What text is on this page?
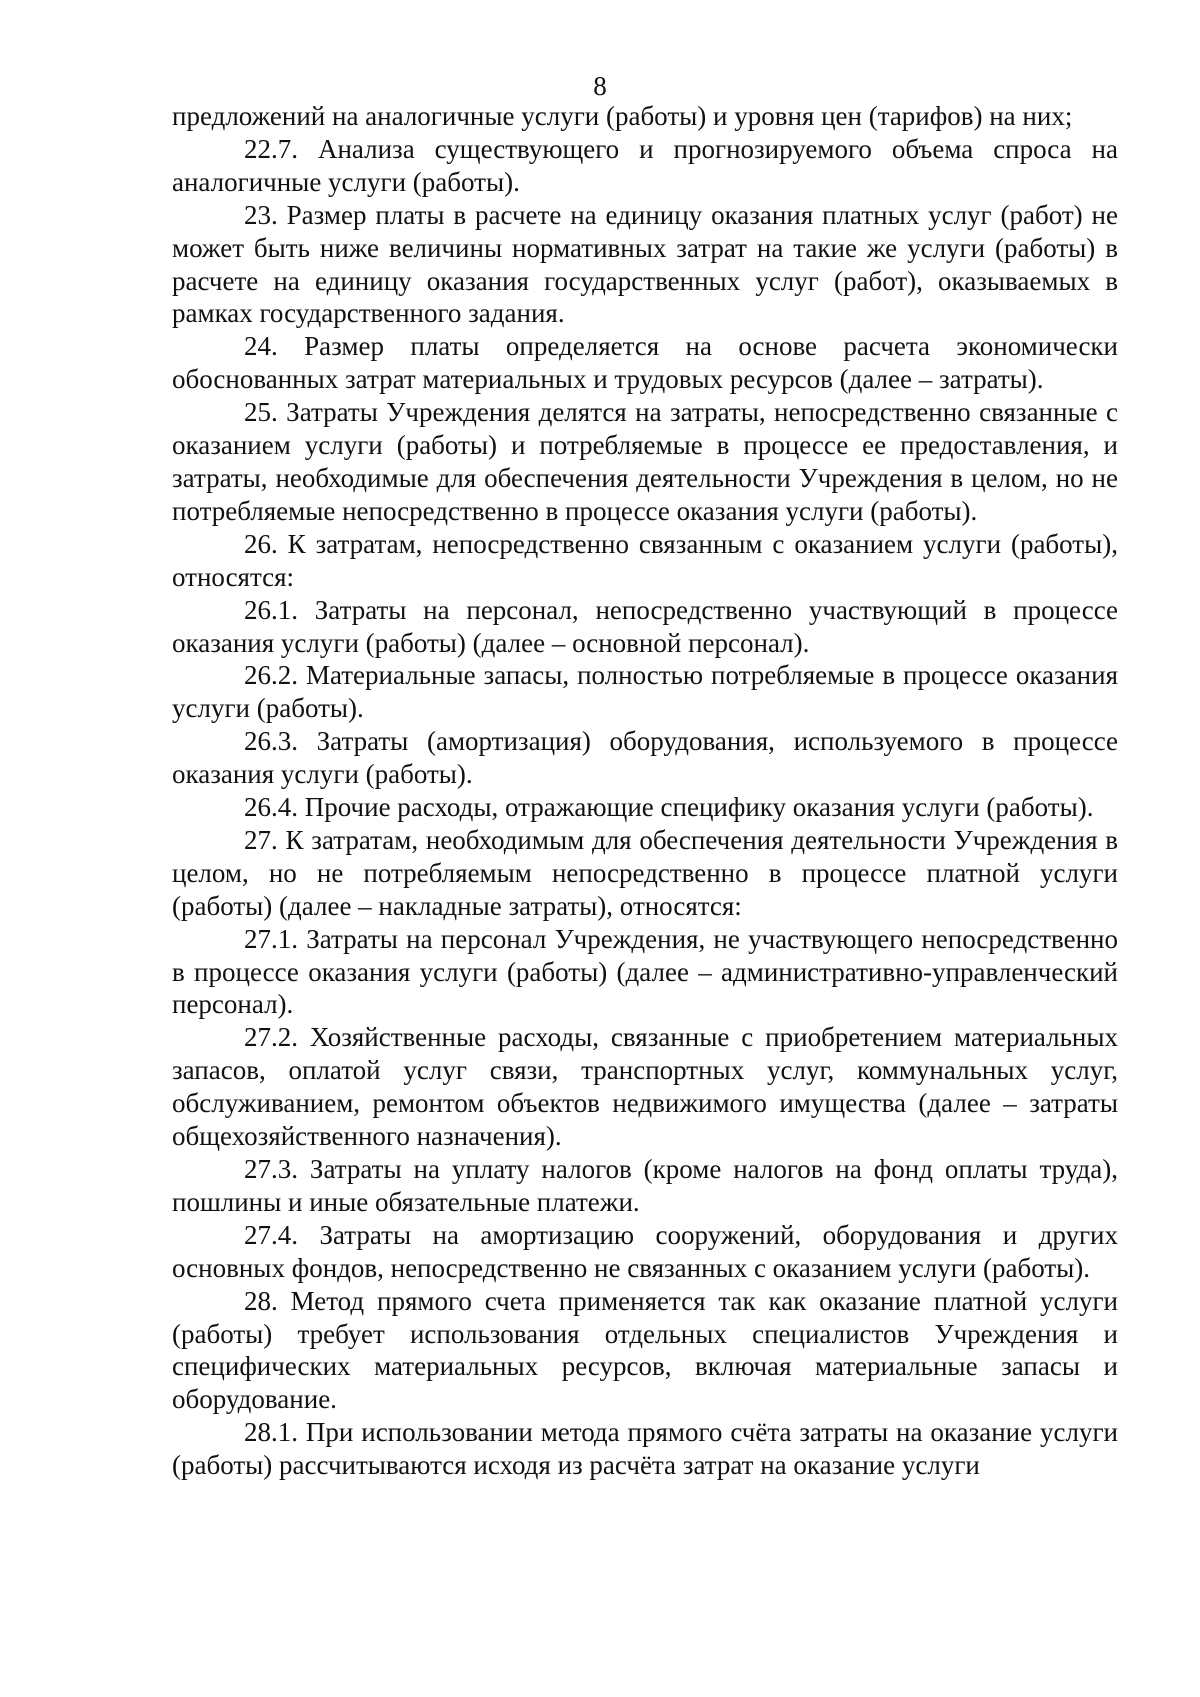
8

предложений на аналогичные услуги (работы) и уровня цен (тарифов) на них;

22.7. Анализа существующего и прогнозируемого объема спроса на аналогичные услуги (работы).

23. Размер платы в расчете на единицу оказания платных услуг (работ) не может быть ниже величины нормативных затрат на такие же услуги (работы) в расчете на единицу оказания государственных услуг (работ), оказываемых в рамках государственного задания.

24. Размер платы определяется на основе расчета экономически обоснованных затрат материальных и трудовых ресурсов (далее – затраты).

25. Затраты Учреждения делятся на затраты, непосредственно связанные с оказанием услуги (работы) и потребляемые в процессе ее предоставления, и затраты, необходимые для обеспечения деятельности Учреждения в целом, но не потребляемые непосредственно в процессе оказания услуги (работы).

26. К затратам, непосредственно связанным с оказанием услуги (работы), относятся:

26.1. Затраты на персонал, непосредственно участвующий в процессе оказания услуги (работы) (далее – основной персонал).

26.2. Материальные запасы, полностью потребляемые в процессе оказания услуги (работы).

26.3. Затраты (амортизация) оборудования, используемого в процессе оказания услуги (работы).

26.4. Прочие расходы, отражающие специфику оказания услуги (работы).

27. К затратам, необходимым для обеспечения деятельности Учреждения в целом, но не потребляемым непосредственно в процессе платной услуги (работы) (далее – накладные затраты), относятся:

27.1. Затраты на персонал Учреждения, не участвующего непосредственно в процессе оказания услуги (работы) (далее – административно-управленческий персонал).

27.2. Хозяйственные расходы, связанные с приобретением материальных запасов, оплатой услуг связи, транспортных услуг, коммунальных услуг, обслуживанием, ремонтом объектов недвижимого имущества (далее – затраты общехозяйственного назначения).

27.3. Затраты на уплату налогов (кроме налогов на фонд оплаты труда), пошлины и иные обязательные платежи.

27.4. Затраты на амортизацию сооружений, оборудования и других основных фондов, непосредственно не связанных с оказанием услуги (работы).

28. Метод прямого счета применяется так как оказание платной услуги (работы) требует использования отдельных специалистов Учреждения и специфических материальных ресурсов, включая материальные запасы и оборудование.

28.1. При использовании метода прямого счёта затраты на оказание услуги (работы) рассчитываются исходя из расчёта затрат на оказание услуги
